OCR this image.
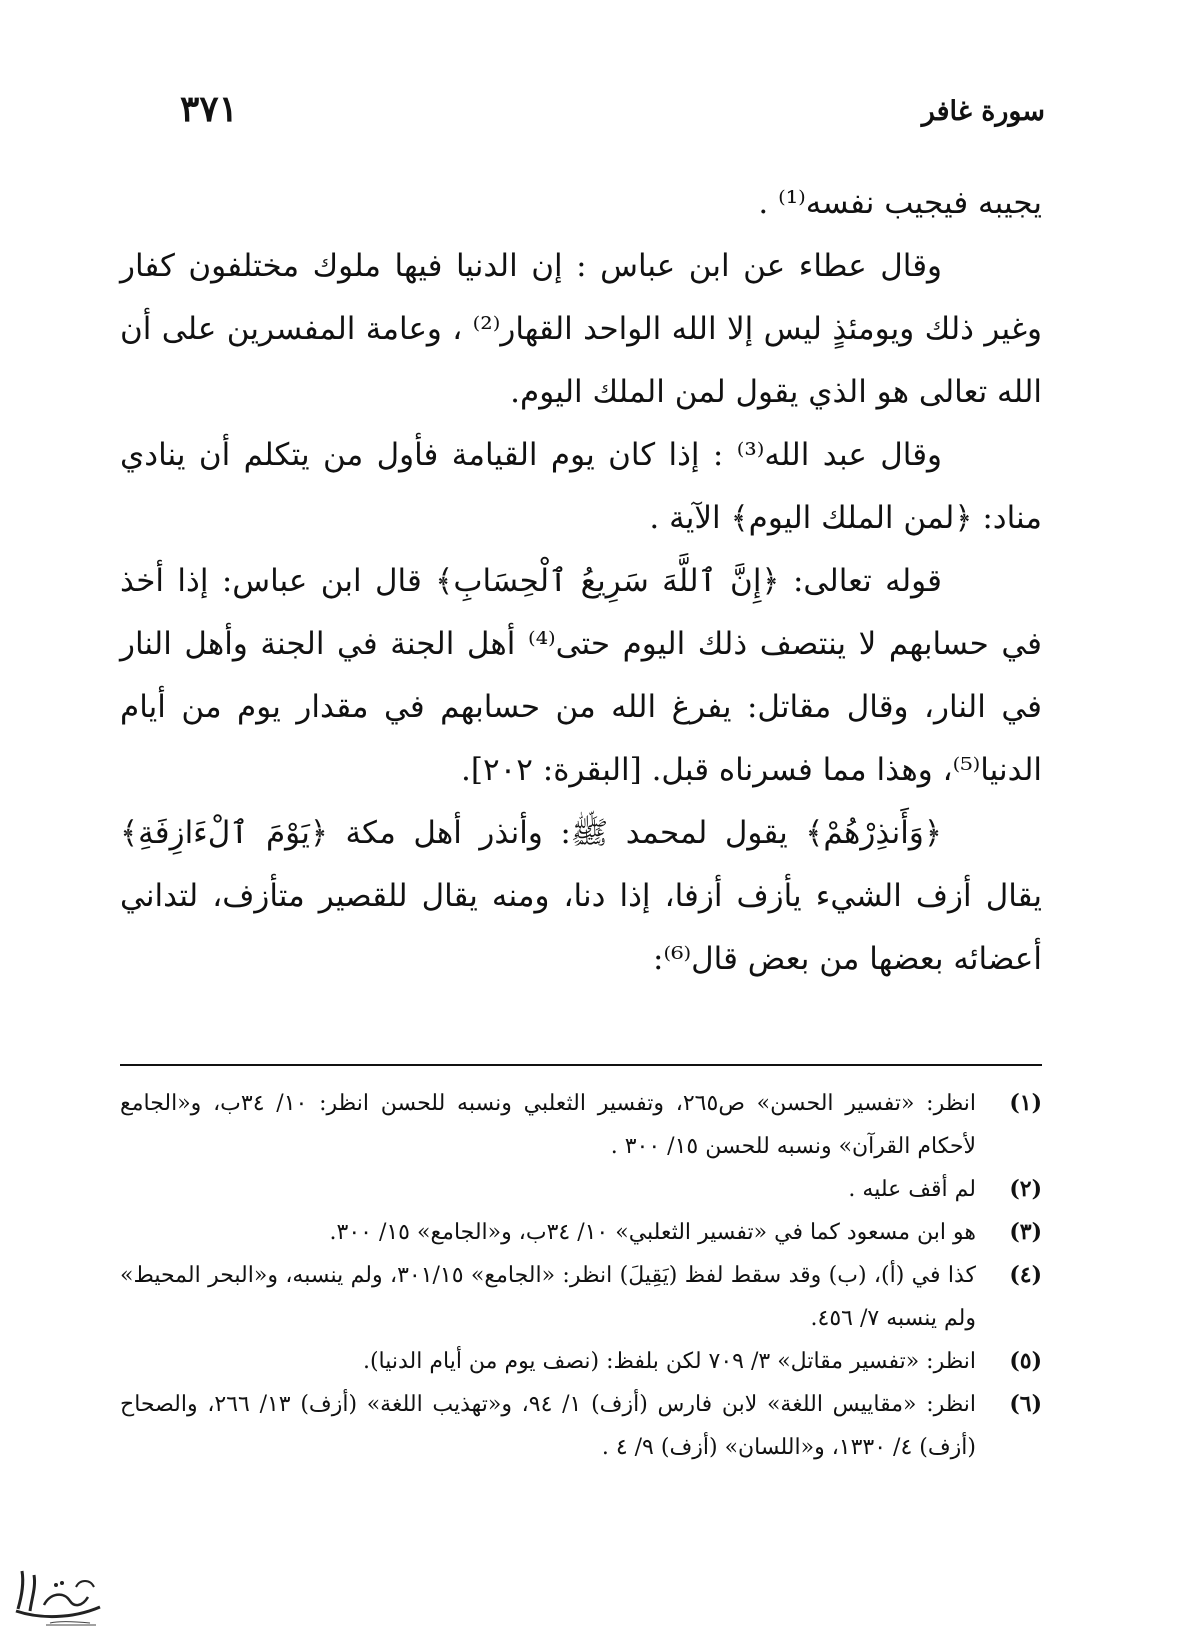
سورة غافر
٣٧١

يجيبه فيجيب نفسه⁽¹⁾ .

وقال عطاء عن ابن عباس : إن الدنيا فيها ملوك مختلفون كفار وغير ذلك ويومئذٍ ليس إلا الله الواحد القهار⁽²⁾ ، وعامة المفسرين على أن الله تعالى هو الذي يقول لمن الملك اليوم.

وقال عبد الله⁽³⁾ : إذا كان يوم القيامة فأول من يتكلم أن ينادي مناد: ﴿لمن الملك اليوم﴾ الآية .

قوله تعالى: ﴿إِنَّ ٱللَّهَ سَرِيعُ ٱلْحِسَابِ﴾ قال ابن عباس: إذا أخذ في حسابهم لا ينتصف ذلك اليوم حتى⁽⁴⁾ أهل الجنة في الجنة وأهل النار في النار، وقال مقاتل: يفرغ الله من حسابهم في مقدار يوم من أيام الدنيا⁽⁵⁾، وهذا مما فسرناه قبل. [البقرة: ٢٠٢].

﴿وَأَنذِرْهُمْ﴾ يقول لمحمد ﷺ: وأنذر أهل مكة ﴿يَوْمَ ٱلْءَازِفَةِ﴾ يقال أزف الشيء يأزف أزفا، إذا دنا، ومنه يقال للقصير متأزف، لتداني أعضائه بعضها من بعض قال⁽⁶⁾:

(١)انظر: «تفسير الحسن» ص٢٦٥، وتفسير الثعلبي ونسبه للحسن انظر: ١٠/ ٣٤ب، و«الجامع لأحكام القرآن» ونسبه للحسن ١٥/ ٣٠٠ .
(٢)لم أقف عليه .
(٣)هو ابن مسعود كما في «تفسير الثعلبي» ١٠/ ٣٤ب، و«الجامع» ١٥/ ٣٠٠.
(٤)كذا في (أ)، (ب) وقد سقط لفظ (يَقِيلَ) انظر: «الجامع» ٣٠١/١٥، ولم ينسبه، و«البحر المحيط» ولم ينسبه ٧/ ٤٥٦.
(٥)انظر: «تفسير مقاتل» ٣/ ٧٠٩ لكن بلفظ: (نصف يوم من أيام الدنيا).
(٦)انظر: «مقاييس اللغة» لابن فارس (أزف) ١/ ٩٤، و«تهذيب اللغة» (أزف) ١٣/ ٢٦٦، والصحاح (أزف) ٤/ ١٣٣٠، و«اللسان» (أزف) ٩/ ٤ .
